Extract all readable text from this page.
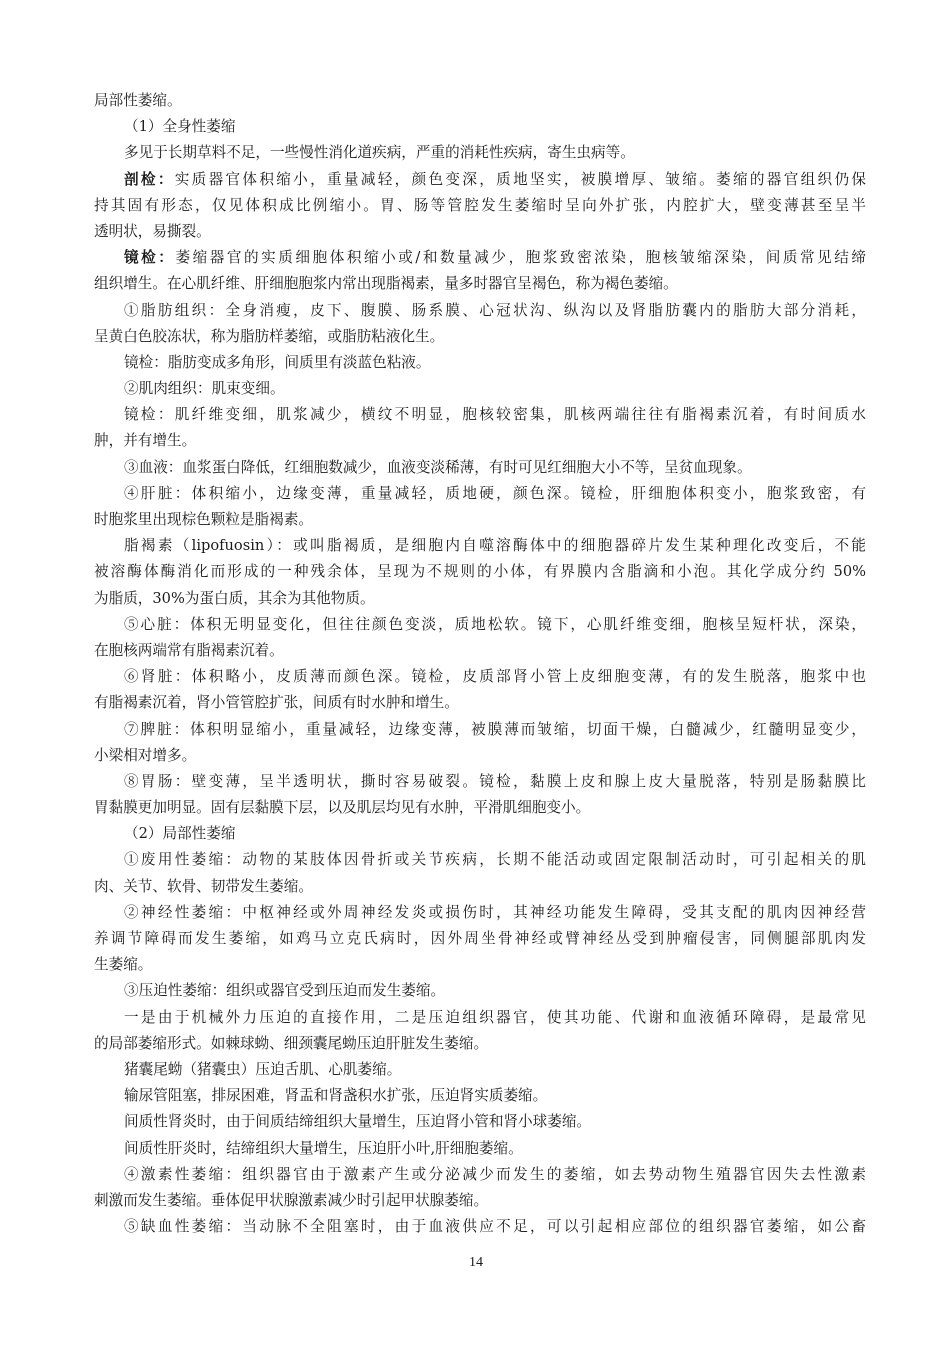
局部性萎缩。
（1）全身性萎缩
多见于长期草料不足，一些慢性消化道疾病，严重的消耗性疾病，寄生虫病等。
剖检：实质器官体积缩小，重量减轻，颜色变深，质地坚实，被膜增厚、皱缩。萎缩的器官组织仍保
持其固有形态，仅见体积成比例缩小。胃、肠等管腔发生萎缩时呈向外扩张，内腔扩大，壁变薄甚至呈半
透明状，易撕裂。
镜检：萎缩器官的实质细胞体积缩小或/和数量减少，胞浆致密浓染，胞核皱缩深染，间质常见结缔
组织增生。在心肌纤维、肝细胞胞浆内常出现脂褐素，量多时器官呈褐色，称为褐色萎缩。
①脂肪组织：全身消瘦，皮下、腹膜、肠系膜、心冠状沟、纵沟以及肾脂肪囊内的脂肪大部分消耗，
呈黄白色胶冻状，称为脂肪样萎缩，或脂肪粘液化生。
镜检：脂肪变成多角形，间质里有淡蓝色粘液。
②肌肉组织：肌束变细。
镜检：肌纤维变细，肌浆减少，横纹不明显，胞核较密集，肌核两端往往有脂褐素沉着，有时间质水
肿，并有增生。
③血液：血浆蛋白降低，红细胞数减少，血液变淡稀薄，有时可见红细胞大小不等，呈贫血现象。
④肝脏：体积缩小，边缘变薄，重量减轻，质地硬，颜色深。镜检，肝细胞体积变小，胞浆致密，有
时胞浆里出现棕色颗粒是脂褐素。
脂褐素（lipofuosin）：或叫脂褐质，是细胞内自噬溶酶体中的细胞器碎片发生某种理化改变后，不能
被溶酶体酶消化而形成的一种残余体，呈现为不规则的小体，有界膜内含脂滴和小泡。其化学成分约 50%
为脂质，30%为蛋白质，其余为其他物质。
⑤心脏：体积无明显变化，但往往颜色变淡，质地松软。镜下，心肌纤维变细，胞核呈短杆状，深染，
在胞核两端常有脂褐素沉着。
⑥肾脏：体积略小，皮质薄而颜色深。镜检，皮质部肾小管上皮细胞变薄，有的发生脱落，胞浆中也
有脂褐素沉着，肾小管管腔扩张，间质有时水肿和增生。
⑦脾脏：体积明显缩小，重量减轻，边缘变薄，被膜薄而皱缩，切面干燥，白髓减少，红髓明显变少，
小梁相对增多。
⑧胃肠：壁变薄，呈半透明状，撕时容易破裂。镜检，黏膜上皮和腺上皮大量脱落，特别是肠黏膜比
胃黏膜更加明显。固有层黏膜下层，以及肌层均见有水肿，平滑肌细胞变小。
（2）局部性萎缩
①废用性萎缩：动物的某肢体因骨折或关节疾病，长期不能活动或固定限制活动时，可引起相关的肌
肉、关节、软骨、韧带发生萎缩。
②神经性萎缩：中枢神经或外周神经发炎或损伤时，其神经功能发生障碍，受其支配的肌肉因神经营
养调节障碍而发生萎缩，如鸡马立克氏病时，因外周坐骨神经或臂神经丛受到肿瘤侵害，同侧腿部肌肉发
生萎缩。
③压迫性萎缩：组织或器官受到压迫而发生萎缩。
一是由于机械外力压迫的直接作用，二是压迫组织器官，使其功能、代谢和血液循环障碍，是最常见
的局部萎缩形式。如棘球蚴、细颈囊尾蚴压迫肝脏发生萎缩。
猪囊尾蚴（猪囊虫）压迫舌肌、心肌萎缩。
输尿管阻塞，排尿困难，肾盂和肾盏积水扩张，压迫肾实质萎缩。
间质性肾炎时，由于间质结缔组织大量增生，压迫肾小管和肾小球萎缩。
间质性肝炎时，结缔组织大量增生，压迫肝小叶,肝细胞萎缩。
④激素性萎缩：组织器官由于激素产生或分泌减少而发生的萎缩，如去势动物生殖器官因失去性激素
刺激而发生萎缩。垂体促甲状腺激素减少时引起甲状腺萎缩。
⑤缺血性萎缩：当动脉不全阻塞时，由于血液供应不足，可以引起相应部位的组织器官萎缩，如公畜
14
